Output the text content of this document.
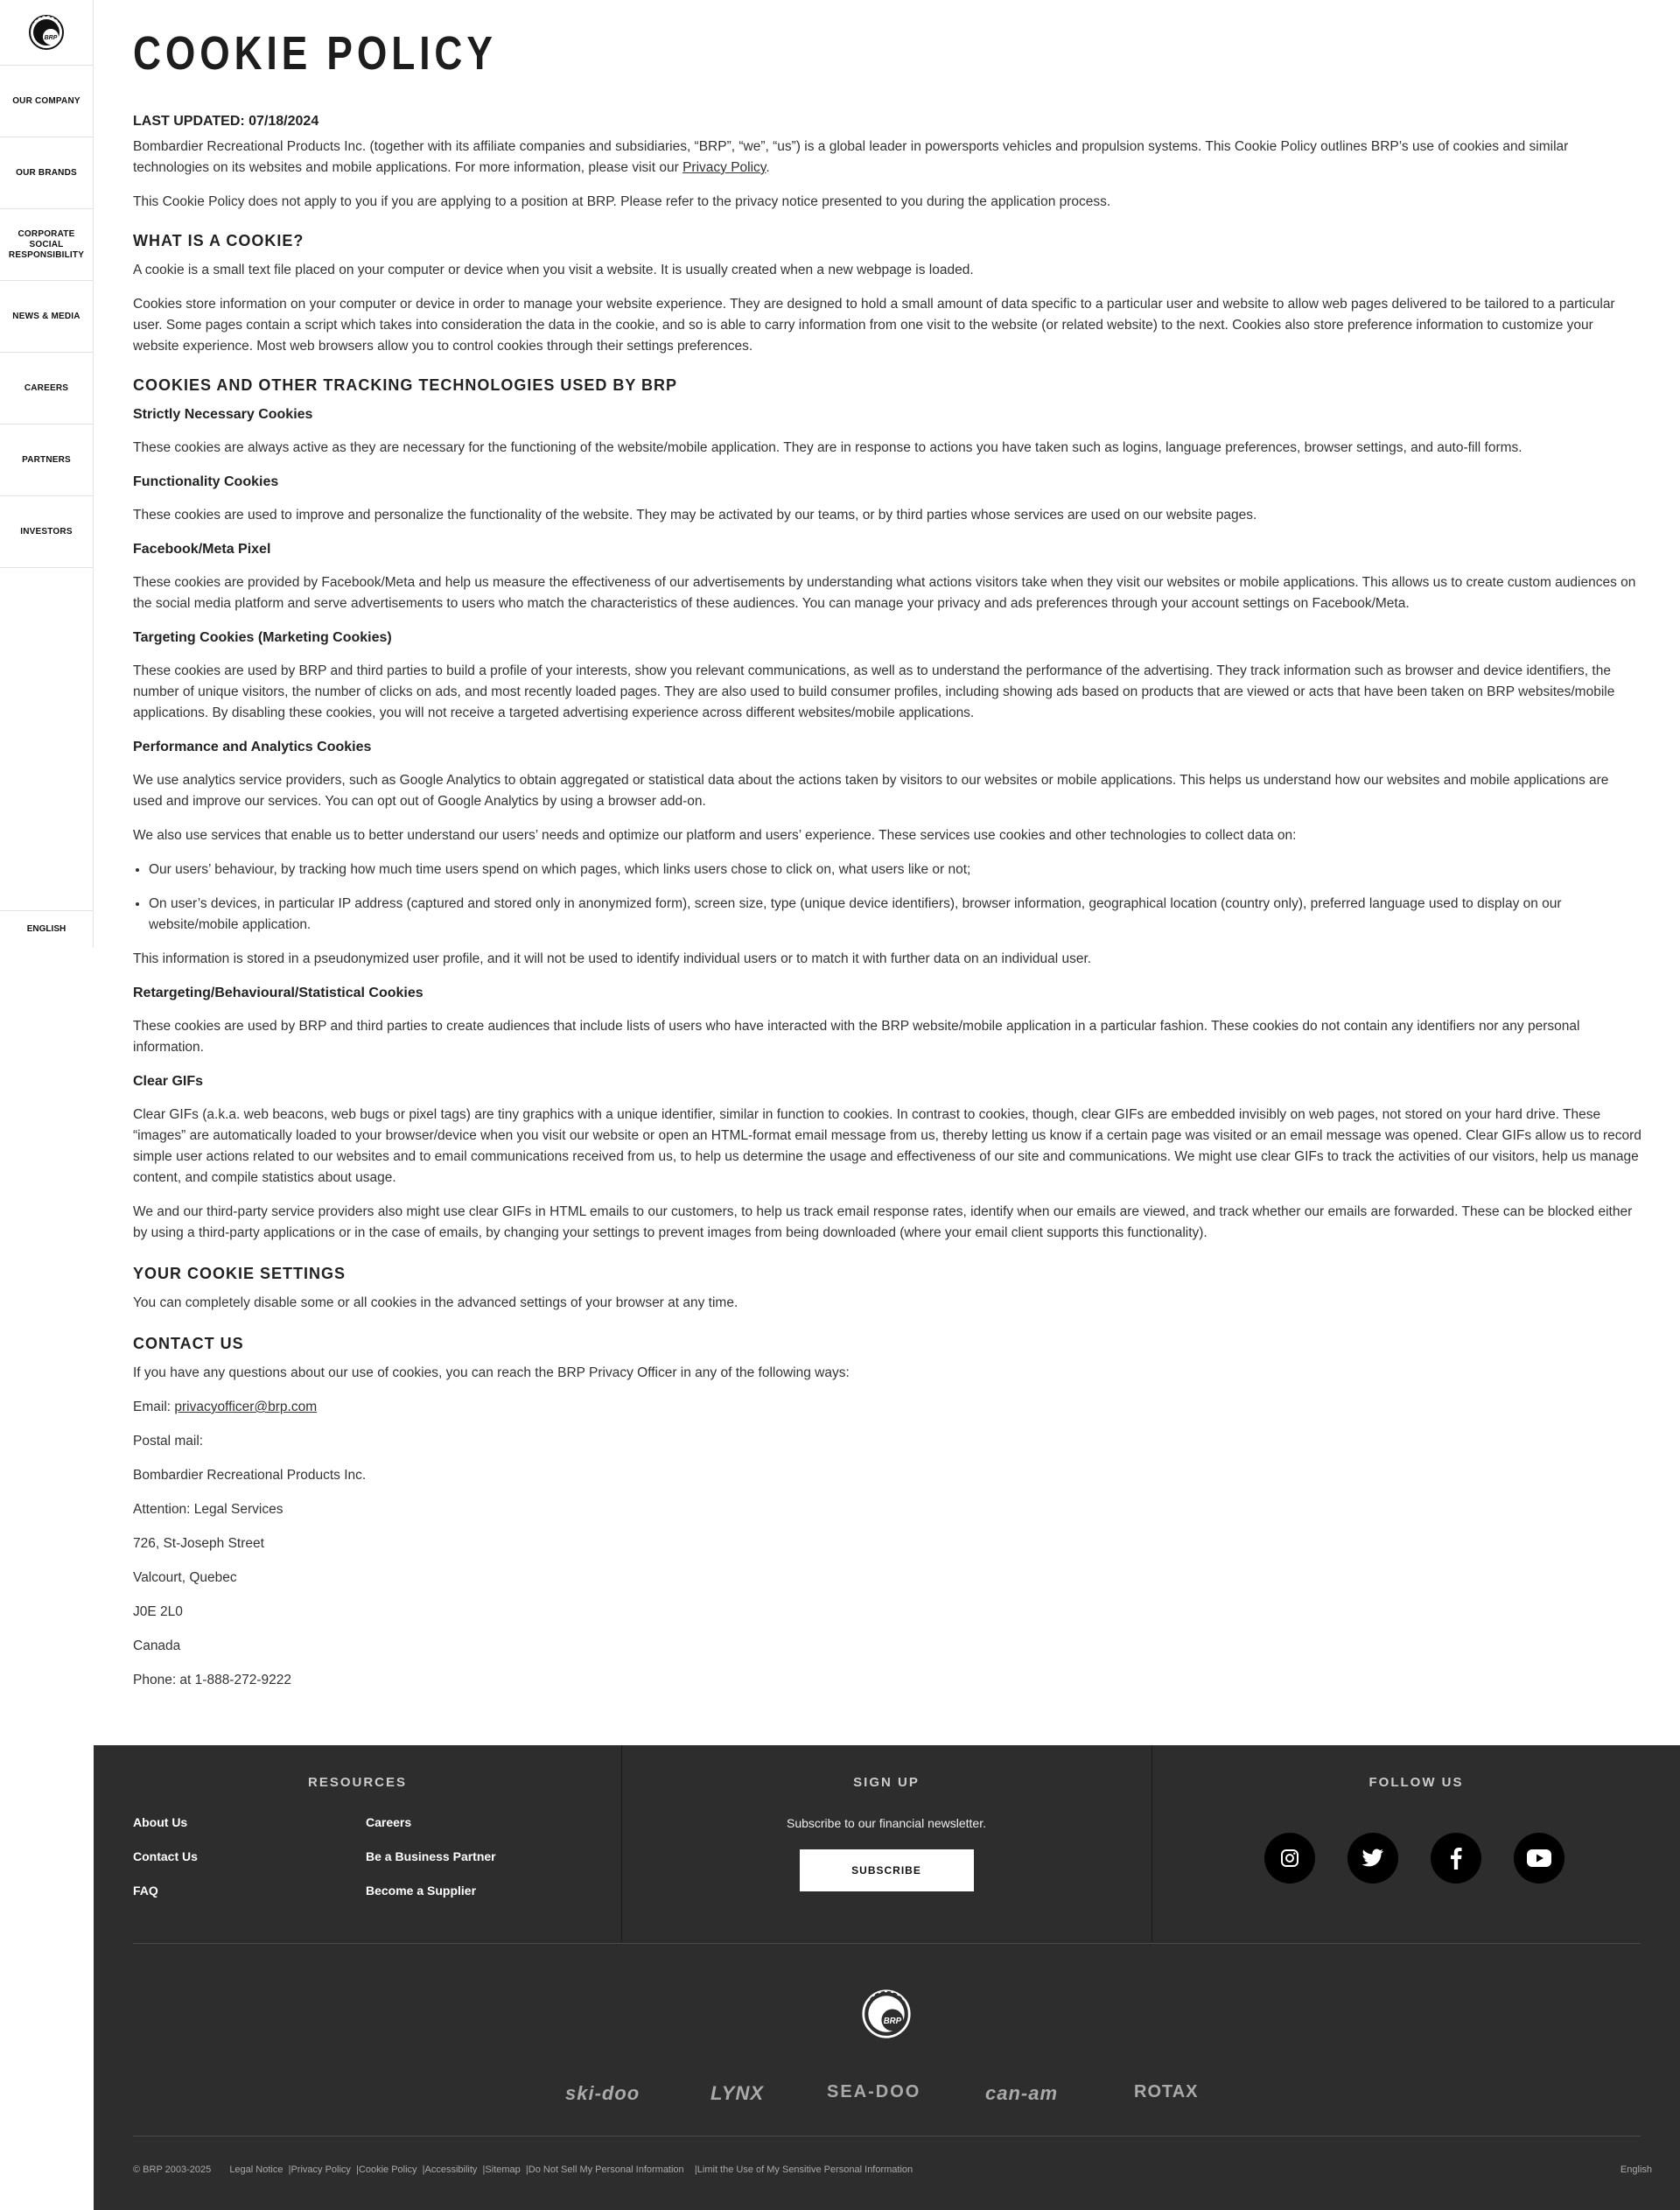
BRP
OUR COMPANY
OUR BRANDS
CORPORATE SOCIAL RESPONSIBILITY
NEWS & MEDIA
CAREERS
PARTNERS
INVESTORS
ENGLISH
COOKIE POLICY
LAST UPDATED: 07/18/2024

Bombardier Recreational Products Inc. (together with its affiliate companies and subsidiaries, “BRP”, “we”, “us”) is a global leader in powersports vehicles and propulsion systems. This Cookie Policy outlines BRP’s use of cookies and similar technologies on its websites and mobile applications. For more information, please visit our Privacy Policy.

This Cookie Policy does not apply to you if you are applying to a position at BRP. Please refer to the privacy notice presented to you during the application process.

WHAT IS A COOKIE?

A cookie is a small text file placed on your computer or device when you visit a website. It is usually created when a new webpage is loaded.

Cookies store information on your computer or device in order to manage your website experience. They are designed to hold a small amount of data specific to a particular user and website to allow web pages delivered to be tailored to a particular user. Some pages contain a script which takes into consideration the data in the cookie, and so is able to carry information from one visit to the website (or related website) to the next. Cookies also store preference information to customize your website experience. Most web browsers allow you to control cookies through their settings preferences.

COOKIES AND OTHER TRACKING TECHNOLOGIES USED BY BRP
Strictly Necessary Cookies

These cookies are always active as they are necessary for the functioning of the website/mobile application. They are in response to actions you have taken such as logins, language preferences, browser settings, and auto-fill forms.

Functionality Cookies

These cookies are used to improve and personalize the functionality of the website. They may be activated by our teams, or by third parties whose services are used on our website pages.

Facebook/Meta Pixel

These cookies are provided by Facebook/Meta and help us measure the effectiveness of our advertisements by understanding what actions visitors take when they visit our websites or mobile applications. This allows us to create custom audiences on the social media platform and serve advertisements to users who match the characteristics of these audiences. You can manage your privacy and ads preferences through your account settings on Facebook/Meta.

Targeting Cookies (Marketing Cookies)

These cookies are used by BRP and third parties to build a profile of your interests, show you relevant communications, as well as to understand the performance of the advertising. They track information such as browser and device identifiers, the number of unique visitors, the number of clicks on ads, and most recently loaded pages. They are also used to build consumer profiles, including showing ads based on products that are viewed or acts that have been taken on BRP websites/mobile applications. By disabling these cookies, you will not receive a targeted advertising experience across different websites/mobile applications.

Performance and Analytics Cookies

We use analytics service providers, such as Google Analytics to obtain aggregated or statistical data about the actions taken by visitors to our websites or mobile applications. This helps us understand how our websites and mobile applications are used and improve our services. You can opt out of Google Analytics by using a browser add-on.

We also use services that enable us to better understand our users’ needs and optimize our platform and users’ experience. These services use cookies and other technologies to collect data on:

• Our users’ behaviour, by tracking how much time users spend on which pages, which links users chose to click on, what users like or not;
• On user’s devices, in particular IP address (captured and stored only in anonymized form), screen size, type (unique device identifiers), browser information, geographical location (country only), preferred language used to display on our website/mobile application.

This information is stored in a pseudonymized user profile, and it will not be used to identify individual users or to match it with further data on an individual user.

Retargeting/Behavioural/Statistical Cookies

These cookies are used by BRP and third parties to create audiences that include lists of users who have interacted with the BRP website/mobile application in a particular fashion. These cookies do not contain any identifiers nor any personal information.

Clear GIFs

Clear GIFs (a.k.a. web beacons, web bugs or pixel tags) are tiny graphics with a unique identifier, similar in function to cookies. In contrast to cookies, though, clear GIFs are embedded invisibly on web pages, not stored on your hard drive. These “images” are automatically loaded to your browser/device when you visit our website or open an HTML-format email message from us, thereby letting us know if a certain page was visited or an email message was opened. Clear GIFs allow us to record simple user actions related to our websites and to email communications received from us, to help us determine the usage and effectiveness of our site and communications. We might use clear GIFs to track the activities of our visitors, help us manage content, and compile statistics about usage.

We and our third-party service providers also might use clear GIFs in HTML emails to our customers, to help us track email response rates, identify when our emails are viewed, and track whether our emails are forwarded. These can be blocked either by using a third-party applications or in the case of emails, by changing your settings to prevent images from being downloaded (where your email client supports this functionality).

YOUR COOKIE SETTINGS

You can completely disable some or all cookies in the advanced settings of your browser at any time.

CONTACT US

If you have any questions about our use of cookies, you can reach the BRP Privacy Officer in any of the following ways:

Email: privacyofficer@brp.com

Postal mail:

Bombardier Recreational Products Inc.

Attention: Legal Services

726, St-Joseph Street

Valcourt, Quebec

J0E 2L0

Canada

Phone: at 1-888-272-9222

RESOURCES
About Us	Careers
Contact Us	Be a Business Partner
FAQ	Become a Supplier
SIGN UP
Subscribe to our financial newsletter.
SUBSCRIBE
FOLLOW US
BRP
ski-doo	LYNX	SEA-DOO	can-am	ROTAX
© BRP 2003-2025 Legal Notice  |Privacy Policy  |Cookie Policy  |Accessibility  |Sitemap  |Do Not Sell My Personal Information    |Limit the Use of My Sensitive Personal Information	English
